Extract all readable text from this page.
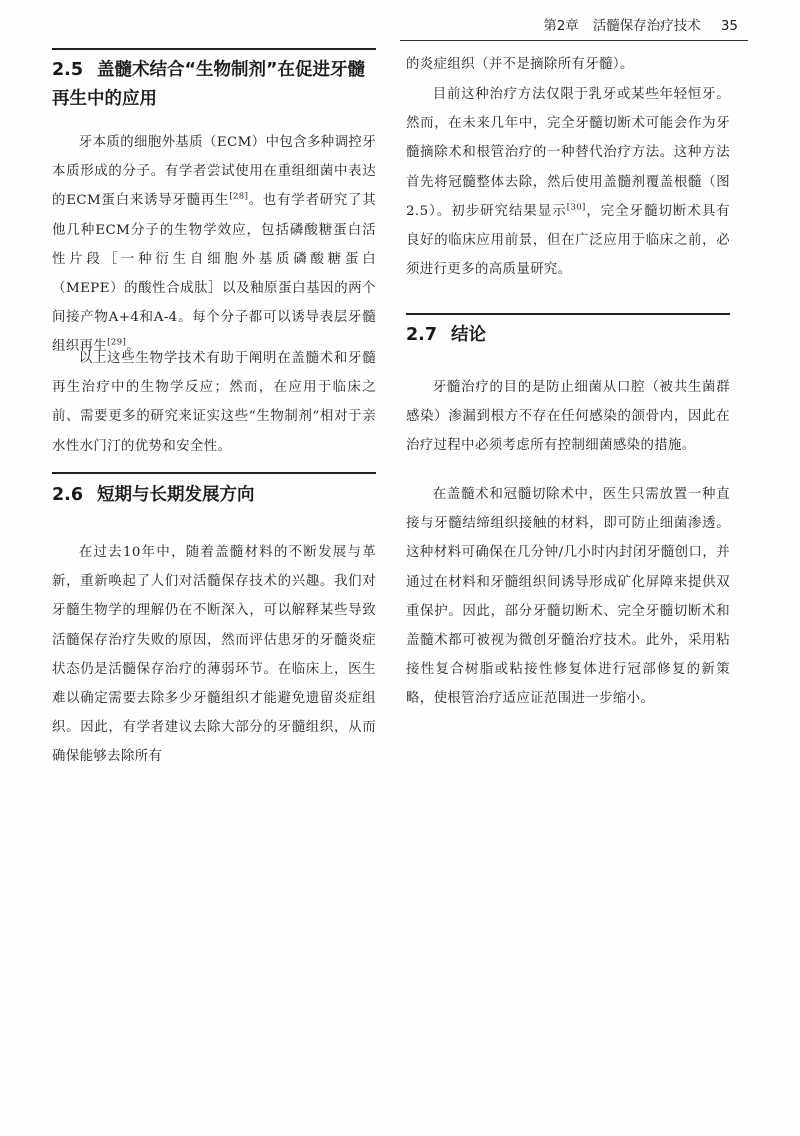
第2章 活髓保存治疗技术 35
2.5 盖髓术结合“生物制剂”在促进牙髓再生中的应用

牙本质的细胞外基质（ECM）中包含多种调控牙本质形成的分子。有学者尝试使用在重组细菌中表达的ECM蛋白来诱导牙髓再生[28]。也有学者研究了其他几种ECM分子的生物学效应，包括磷酸糖蛋白活性片段［一种衍生自细胞外基质磷酸糖蛋白（MEPE）的酸性合成肽］以及釉原蛋白基因的两个间接产物A+4和A-4。每个分子都可以诱导表层牙髓组织再生[29]。

以上这些生物学技术有助于阐明在盖髓术和牙髓再生治疗中的生物学反应；然而，在应用于临床之前、需要更多的研究来证实这些“生物制剂”相对于亲水性水门汀的优势和安全性。

2.6 短期与长期发展方向

在过去10年中，随着盖髓材料的不断发展与革新，重新唤起了人们对活髓保存技术的兴趣。我们对牙髓生物学的理解仍在不断深入，可以解释某些导致活髓保存治疗失败的原因，然而评估患牙的牙髓炎症状态仍是活髓保存治疗的薄弱环节。在临床上，医生难以确定需要去除多少牙髓组织才能避免遗留炎症组织。因此，有学者建议去除大部分的牙髓组织，从而确保能够去除所有

的炎症组织（并不是摘除所有牙髓）。

目前这种治疗方法仅限于乳牙或某些年轻恒牙。然而，在未来几年中，完全牙髓切断术可能会作为牙髓摘除术和根管治疗的一种替代治疗方法。这种方法首先将冠髓整体去除，然后使用盖髓剂覆盖根髓（图2.5）。初步研究结果显示[30]，完全牙髓切断术具有良好的临床应用前景，但在广泛应用于临床之前，必须进行更多的高质量研究。

2.7 结论

牙髓治疗的目的是防止细菌从口腔（被共生菌群感染）渗漏到根方不存在任何感染的颌骨内，因此在治疗过程中必须考虑所有控制细菌感染的措施。

在盖髓术和冠髓切除术中，医生只需放置一种直接与牙髓结缔组织接触的材料，即可防止细菌渗透。这种材料可确保在几分钟/几小时内封闭牙髓创口，并通过在材料和牙髓组织间诱导形成矿化屏障来提供双重保护。因此，部分牙髓切断术、完全牙髓切断术和盖髓术都可被视为微创牙髓治疗技术。此外，采用粘接性复合树脂或粘接性修复体进行冠部修复的新策略，使根管治疗适应证范围进一步缩小。
